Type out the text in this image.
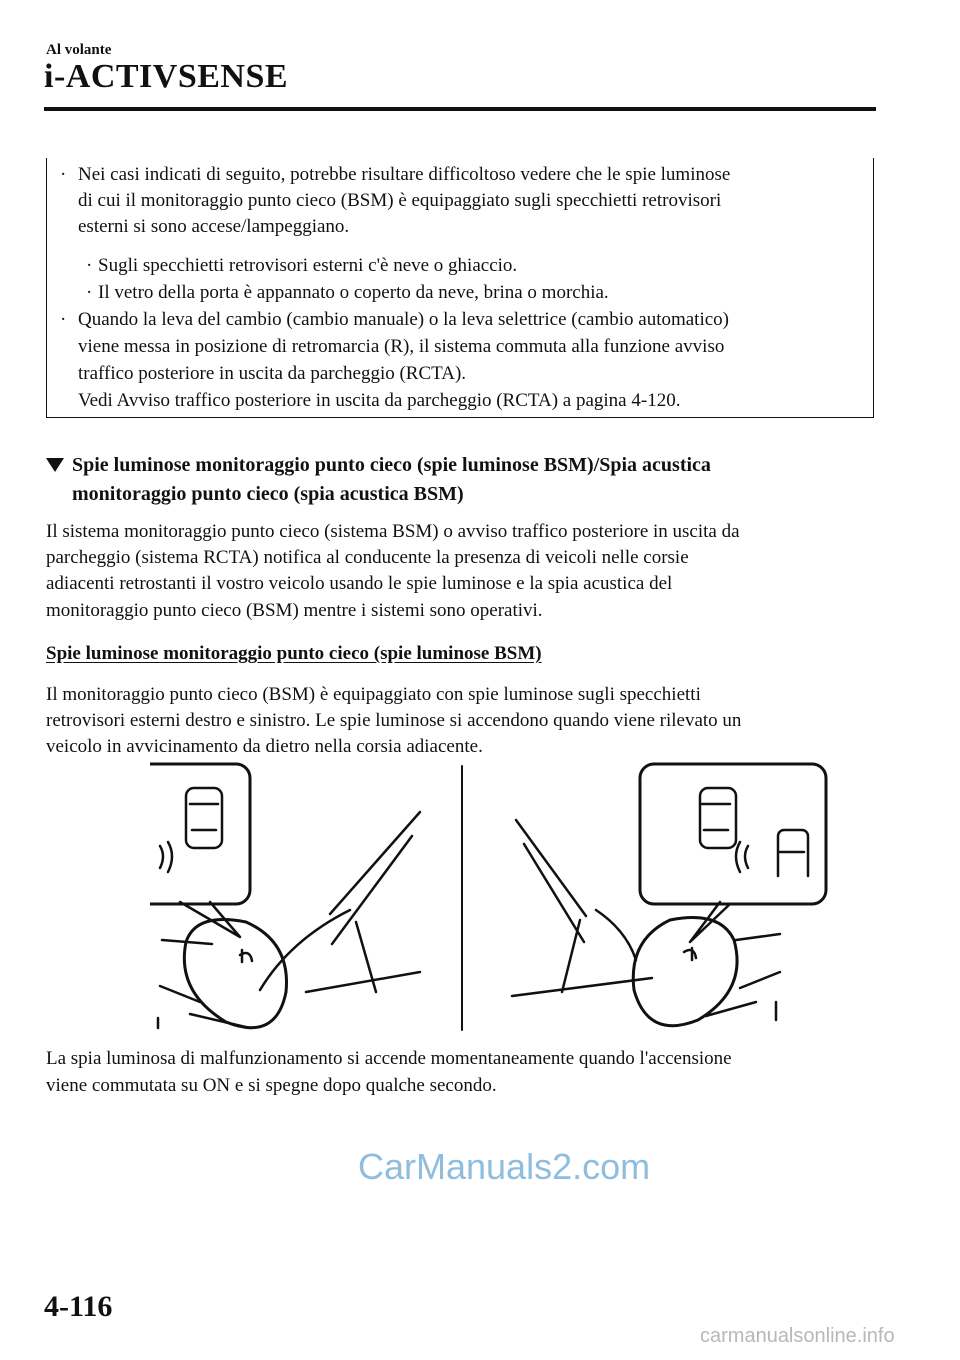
Al volante
i-ACTIVSENSE
· Nei casi indicati di seguito, potrebbe risultare difficoltoso vedere che le spie luminose
di cui il monitoraggio punto cieco (BSM) è equipaggiato sugli specchietti retrovisori
esterni si sono accese/lampeggiano.
· Sugli specchietti retrovisori esterni c'è neve o ghiaccio.
· Il vetro della porta è appannato o coperto da neve, brina o morchia.
· Quando la leva del cambio (cambio manuale) o la leva selettrice (cambio automatico)
viene messa in posizione di retromarcia (R), il sistema commuta alla funzione avviso
traffico posteriore in uscita da parcheggio (RCTA).
Vedi Avviso traffico posteriore in uscita da parcheggio (RCTA) a pagina 4-120.
Spie luminose monitoraggio punto cieco (spie luminose BSM)/Spia acustica
monitoraggio punto cieco (spia acustica BSM)
Il sistema monitoraggio punto cieco (sistema BSM) o avviso traffico posteriore in uscita da
parcheggio (sistema RCTA) notifica al conducente la presenza di veicoli nelle corsie
adiacenti retrostanti il vostro veicolo usando le spie luminose e la spia acustica del
monitoraggio punto cieco (BSM) mentre i sistemi sono operativi.
Spie luminose monitoraggio punto cieco (spie luminose BSM)
Il monitoraggio punto cieco (BSM) è equipaggiato con spie luminose sugli specchietti
retrovisori esterni destro e sinistro. Le spie luminose si accendono quando viene rilevato un
veicolo in avvicinamento da dietro nella corsia adiacente.
La spia luminosa di malfunzionamento si accende momentaneamente quando l'accensione
viene commutata su ON e si spegne dopo qualche secondo.
CarManuals2.com
4-116
carmanualsonline.info
